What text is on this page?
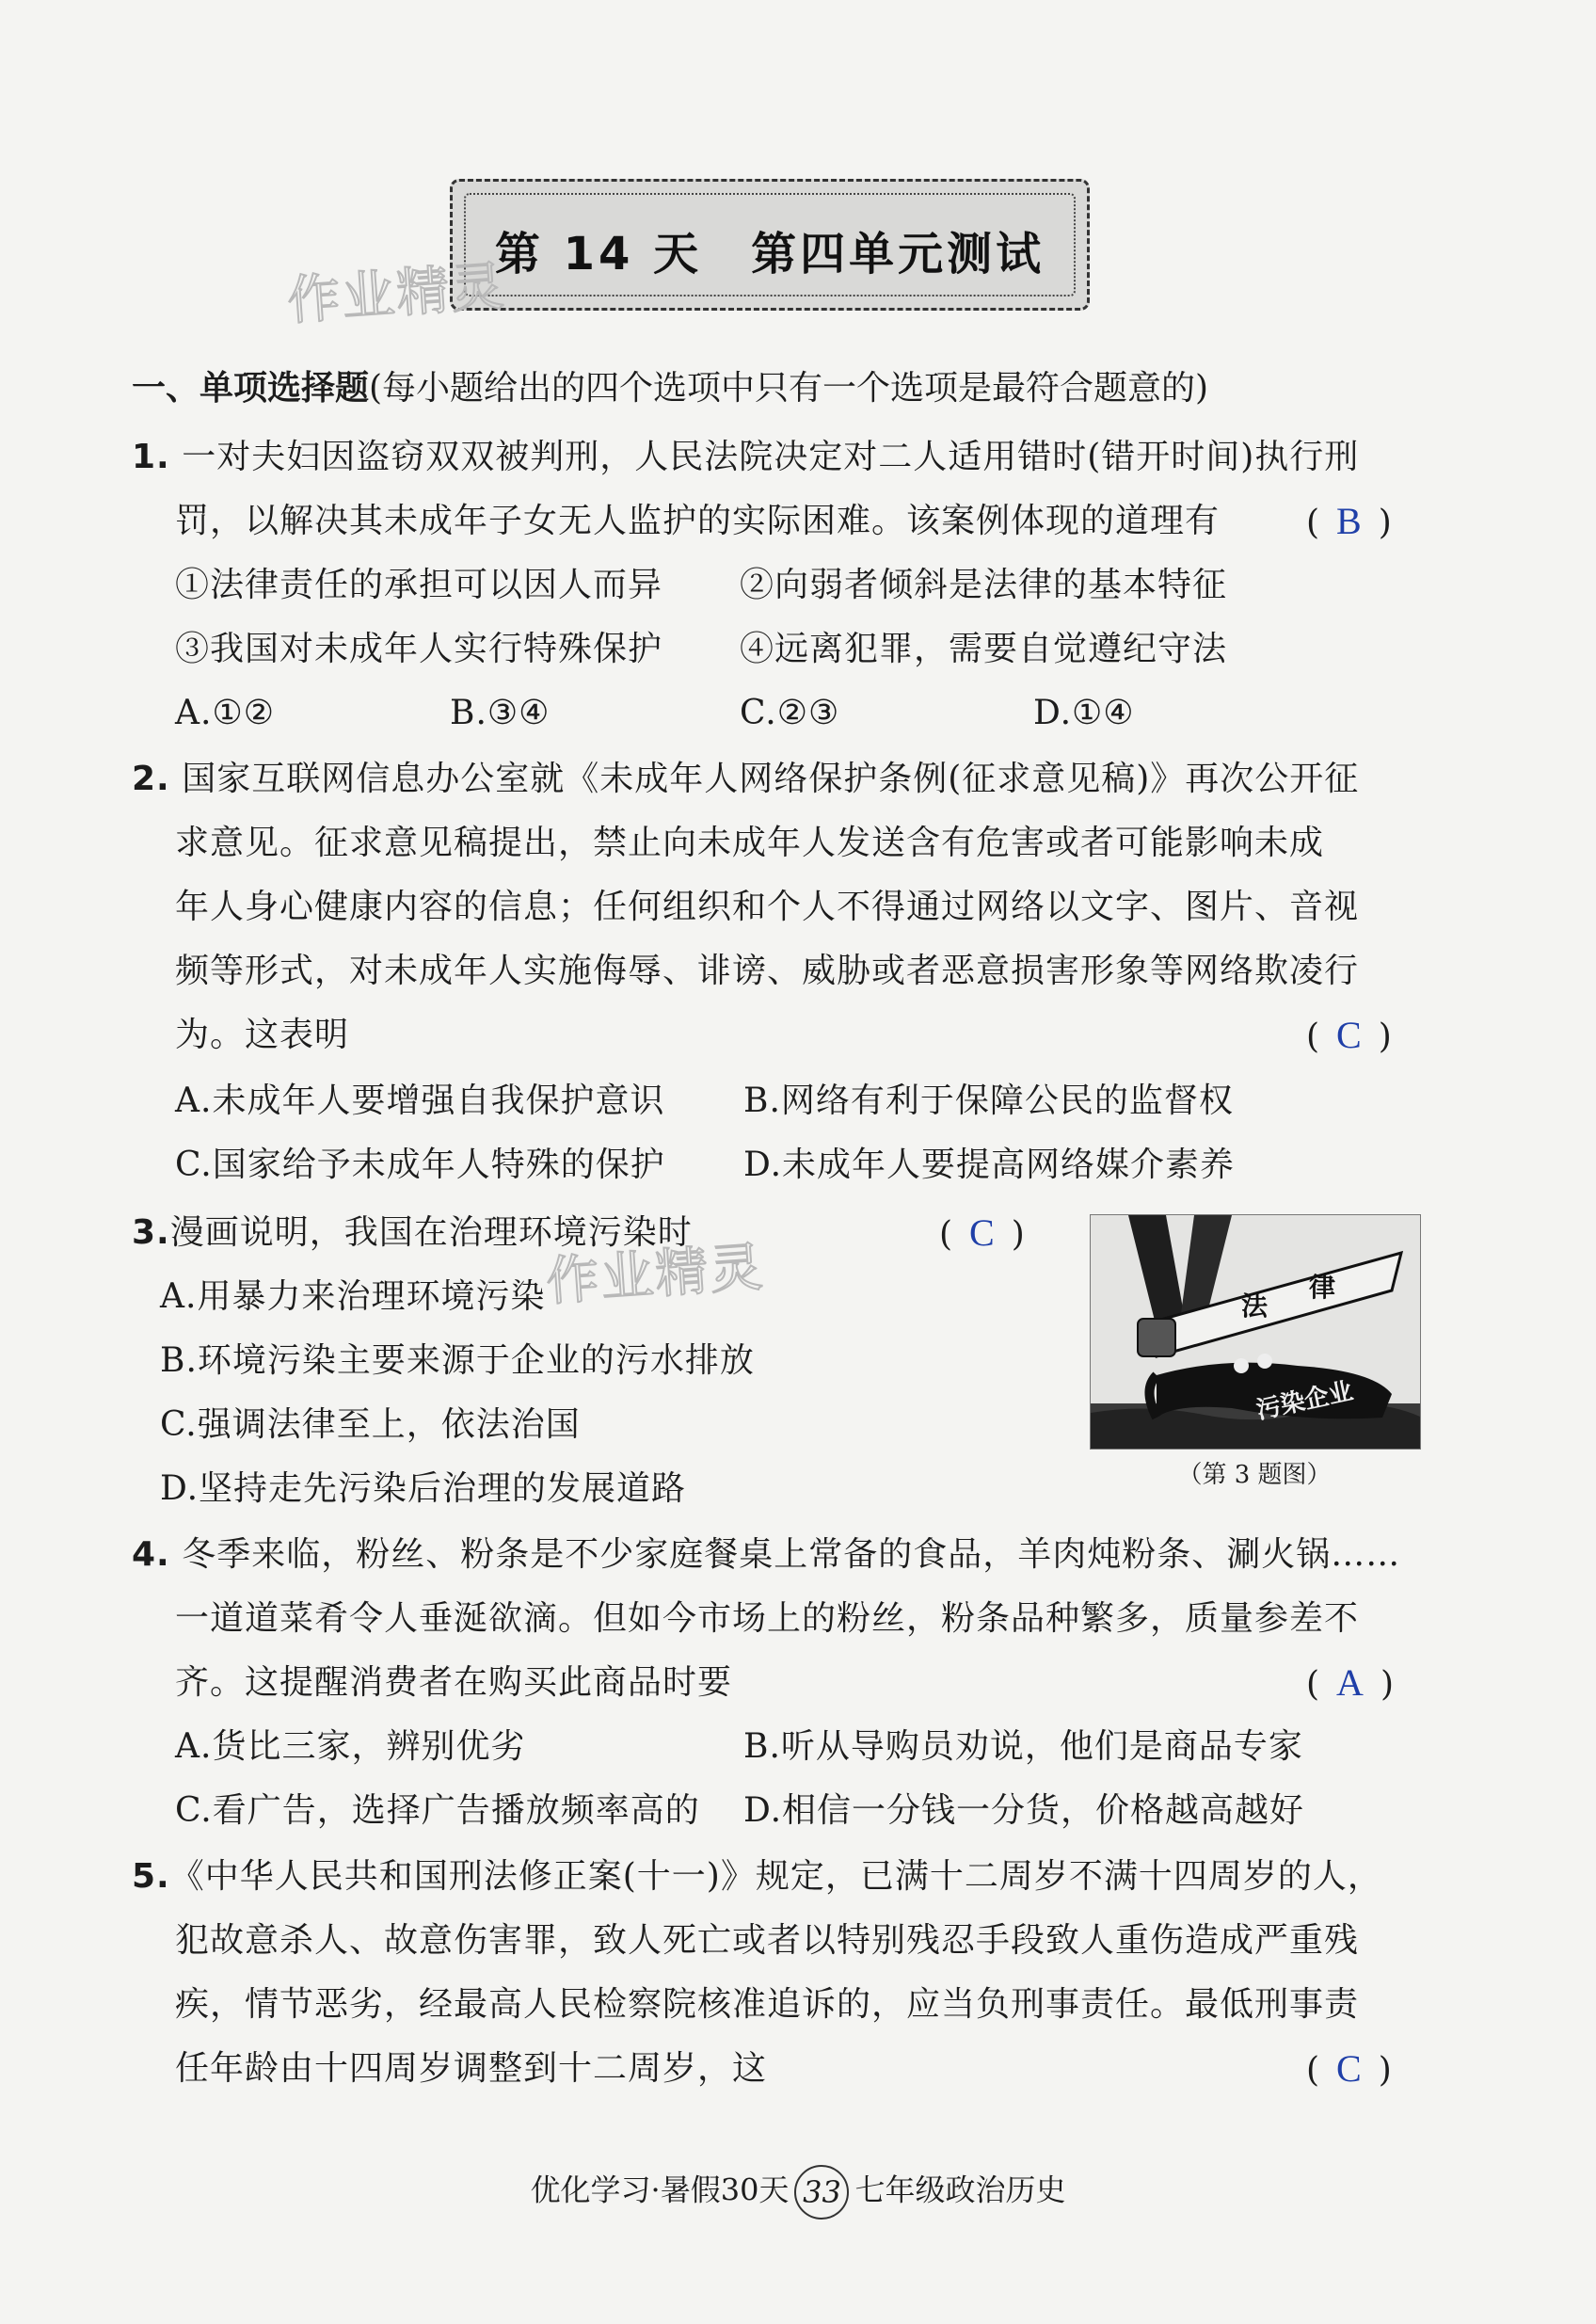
第 14 天　第四单元测试
作业精灵
一、单项选择题(每小题给出的四个选项中只有一个选项是最符合题意的)
1. 一对夫妇因盗窃双双被判刑，人民法院决定对二人适用错时(错开时间)执行刑
罚，以解决其未成年子女无人监护的实际困难。该案例体现的道理有	( B )
①法律责任的承担可以因人而异 ②向弱者倾斜是法律的基本特征
③我国对未成年人实行特殊保护 ④远离犯罪，需要自觉遵纪守法
A.①②	B.③④	C.②③	D.①④
2. 国家互联网信息办公室就《未成年人网络保护条例(征求意见稿)》再次公开征
求意见。征求意见稿提出，禁止向未成年人发送含有危害或者可能影响未成
年人身心健康内容的信息；任何组织和个人不得通过网络以文字、图片、音视
频等形式，对未成年人实施侮辱、诽谤、威胁或者恶意损害形象等网络欺凌行
为。这表明	( C )
A.未成年人要增强自我保护意识 B.网络有利于保障公民的监督权
C.国家给予未成年人特殊的保护 D.未成年人要提高网络媒介素养
3.漫画说明，我国在治理环境污染时	( C )
作业精灵
A.用暴力来治理环境污染
B.环境污染主要来源于企业的污水排放
C.强调法律至上，依法治国
D.坚持走先污染后治理的发展道路
法
律
污染企业
（第 3 题图）
4. 冬季来临，粉丝、粉条是不少家庭餐桌上常备的食品，羊肉炖粉条、涮火锅……
一道道菜肴令人垂涎欲滴。但如今市场上的粉丝，粉条品种繁多，质量参差不
齐。这提醒消费者在购买此商品时要	( A )
A.货比三家，辨别优劣	B.听从导购员劝说，他们是商品专家
C.看广告，选择广告播放频率高的 D.相信一分钱一分货，价格越高越好
5.《中华人民共和国刑法修正案(十一)》规定，已满十二周岁不满十四周岁的人，
犯故意杀人、故意伤害罪，致人死亡或者以特别残忍手段致人重伤造成严重残
疾，情节恶劣，经最高人民检察院核准追诉的，应当负刑事责任。最低刑事责
任年龄由十四周岁调整到十二周岁，这	( C )
优化学习·暑假30天 33 七年级政治历史
